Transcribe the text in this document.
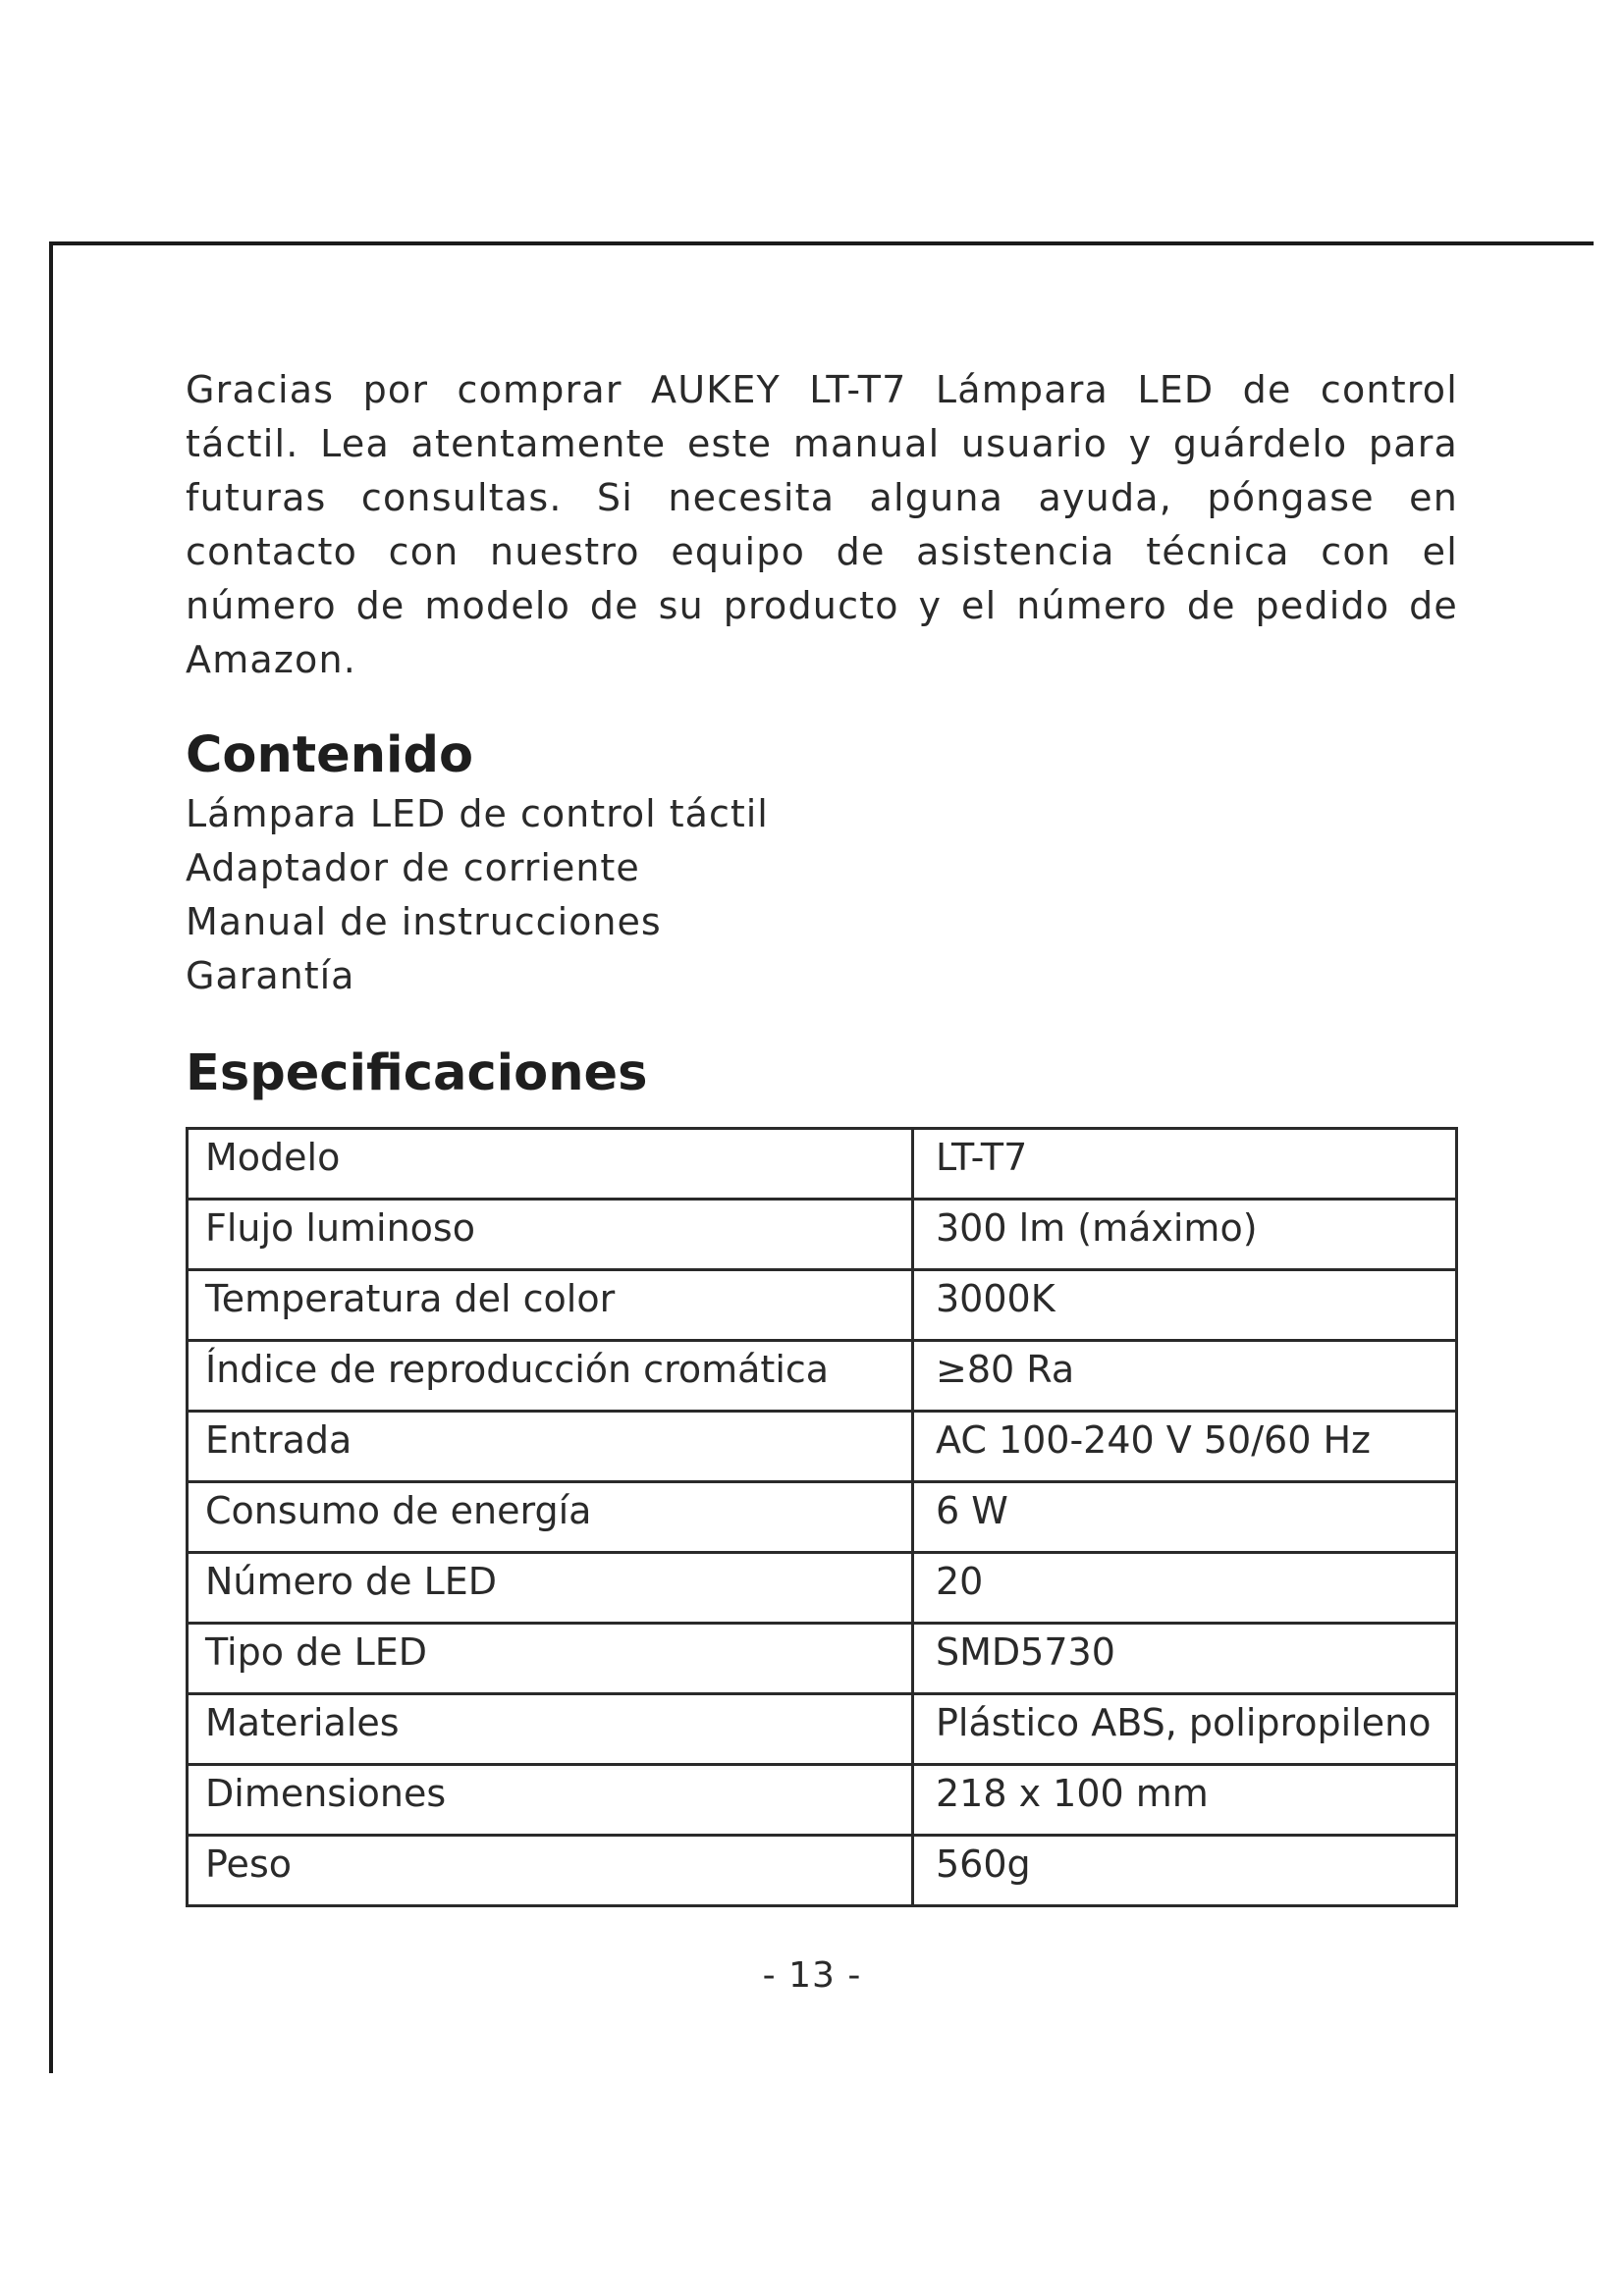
Gracias por comprar AUKEY LT-T7 Lámpara LED de control táctil. Lea atentamente este manual usuario y guárdelo para futuras consultas. Si necesita alguna ayuda, póngase en contacto con nuestro equipo de asistencia técnica con el número de modelo de su producto y el número de pedido de Amazon.

Contenido
Lámpara LED de control táctil
Adaptador de corriente
Manual de instrucciones
Garantía
Especificaciones
Modelo	LT-T7
Flujo luminoso	300 lm (máximo)
Temperatura del color	3000K
Índice de reproducción cromática	≥80 Ra
Entrada	AC 100-240 V 50/60 Hz
Consumo de energía	6 W
Número de LED	20
Tipo de LED	SMD5730
Materiales	Plástico ABS, polipropileno
Dimensiones	218 x 100 mm
Peso	560g
- 13 -
